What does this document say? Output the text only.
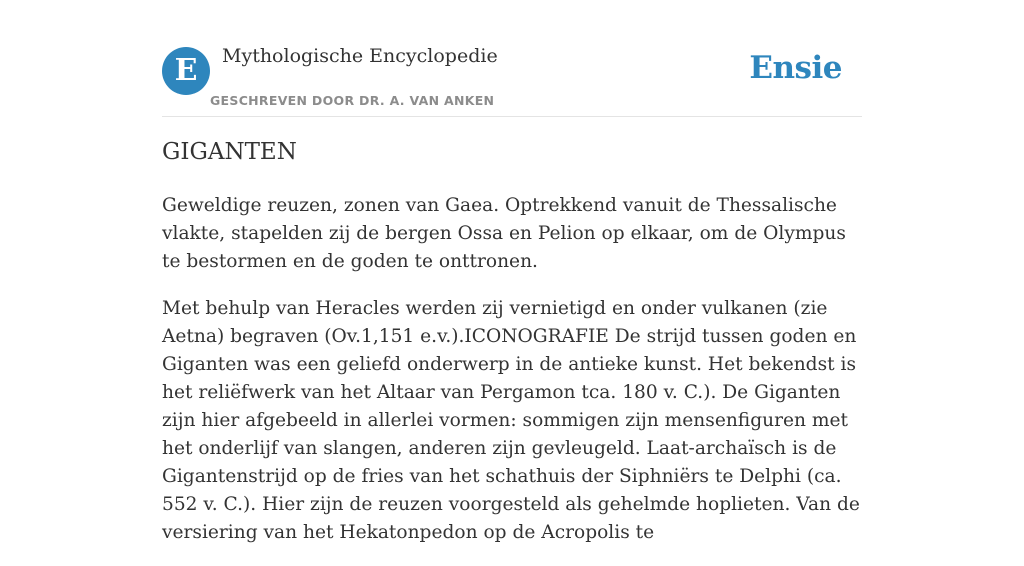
E	Mythologische Encyclopedie
GESCHREVEN DOOR DR. A. VAN ANKEN
Ensie
GIGANTEN

Geweldige reuzen, zonen van Gaea. Optrekkend vanuit de Thessalische vlakte, stapelden zij de bergen Ossa en Pelion op elkaar, om de Olympus te bestormen en de goden te onttronen.

Met behulp van Heracles werden zij vernietigd en onder vulkanen (zie Aetna) begraven (Ov.1,151 e.v.).ICONOGRAFIE De strijd tussen goden en Giganten was een geliefd onderwerp in de antieke kunst. Het bekendst is het reliëfwerk van het Altaar van Pergamon tca. 180 v. C.). De Giganten zijn hier afgebeeld in allerlei vormen: sommigen zijn mensenfiguren met het onderlijf van slangen, anderen zijn gevleugeld. Laat-archaïsch is de Gigantenstrijd op de fries van het schathuis der Siphniërs te Delphi (ca. 552 v. C.). Hier zijn de reuzen voorgesteld als gehelmde hoplieten. Van de versiering van het Hekatonpedon op de Acropolis te
